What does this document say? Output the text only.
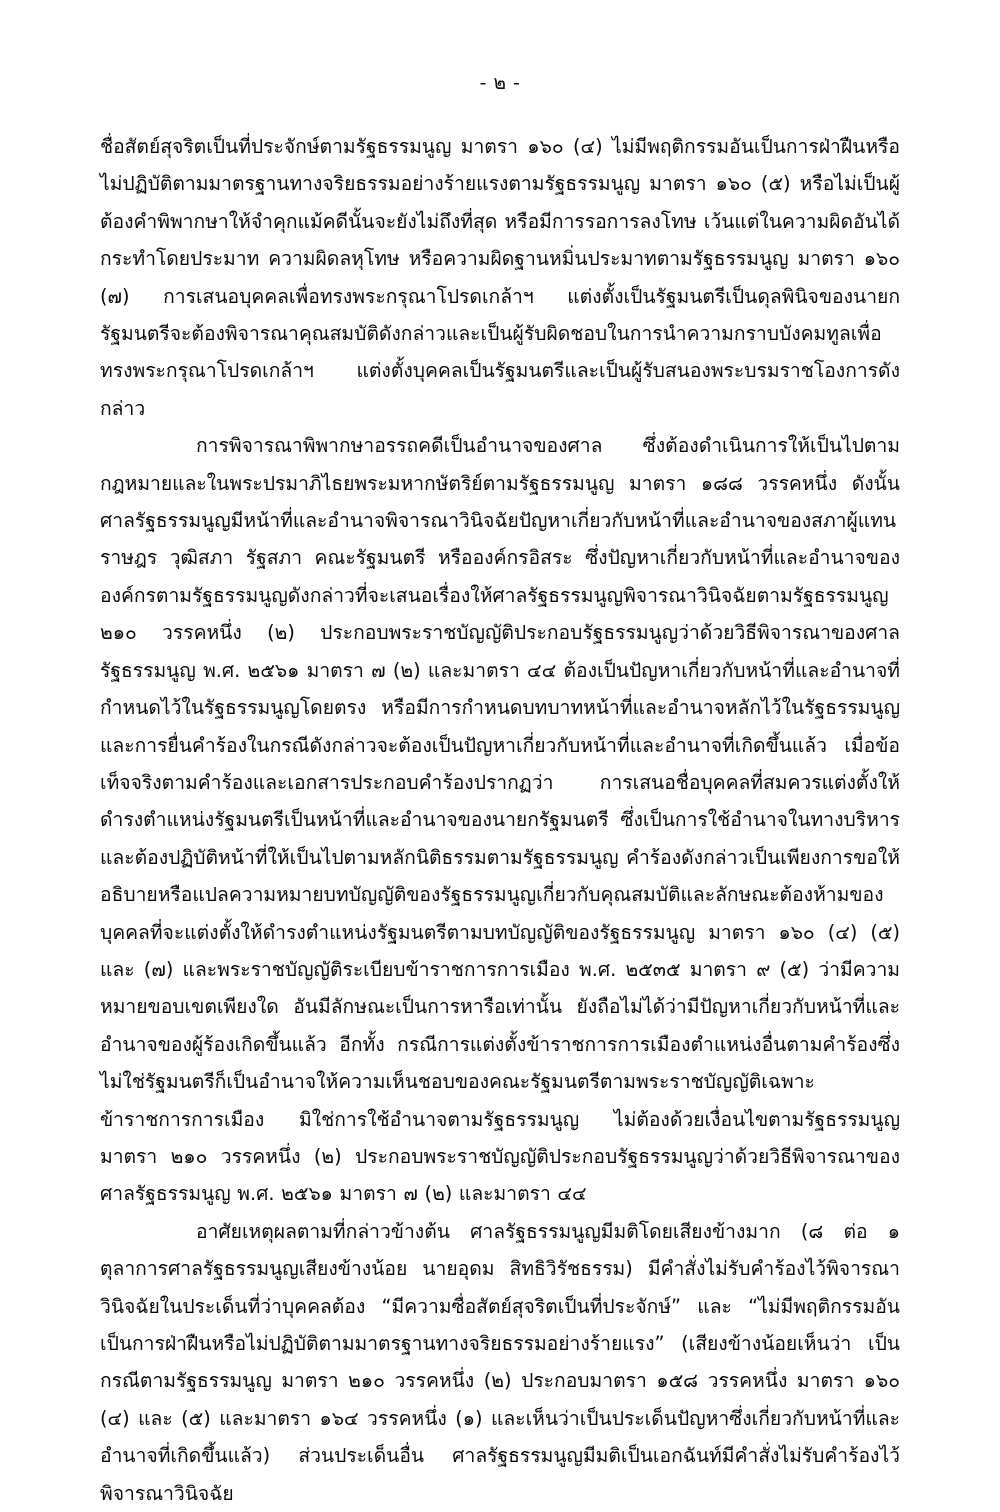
- ๒ -

ชื่อสัตย์สุจริตเป็นที่ประจักษ์ตามรัฐธรรมนูญ มาตรา ๑๖๐ (๔) ไม่มีพฤติกรรมอันเป็นการฝ่าฝืนหรือไม่ปฏิบัติตามมาตรฐานทางจริยธรรมอย่างร้ายแรงตามรัฐธรรมนูญ มาตรา ๑๖๐ (๕) หรือไม่เป็นผู้ต้องคำพิพากษาให้จำคุกแม้คดีนั้นจะยังไม่ถึงที่สุด หรือมีการรอการลงโทษ เว้นแต่ในความผิดอันได้กระทำโดยประมาท ความผิดลหุโทษ หรือความผิดฐานหมิ่นประมาทตามรัฐธรรมนูญ มาตรา ๑๖๐ (๗) การเสนอบุคคลเพื่อทรงพระกรุณาโปรดเกล้าฯ แต่งตั้งเป็นรัฐมนตรีเป็นดุลพินิจของนายกรัฐมนตรีจะต้องพิจารณาคุณสมบัติดังกล่าวและเป็นผู้รับผิดชอบในการนำความกราบบังคมทูลเพื่อทรงพระกรุณาโปรดเกล้าฯ แต่งตั้งบุคคลเป็นรัฐมนตรีและเป็นผู้รับสนองพระบรมราชโองการดังกล่าว

การพิจารณาพิพากษาอรรถคดีเป็นอำนาจของศาล ซึ่งต้องดำเนินการให้เป็นไปตามกฎหมายและในพระปรมาภิไธยพระมหากษัตริย์ตามรัฐธรรมนูญ มาตรา ๑๘๘ วรรคหนึ่ง ดังนั้น ศาลรัฐธรรมนูญมีหน้าที่และอำนาจพิจารณาวินิจฉัยปัญหาเกี่ยวกับหน้าที่และอำนาจของสภาผู้แทนราษฎร วุฒิสภา รัฐสภา คณะรัฐมนตรี หรือองค์กรอิสระ ซึ่งปัญหาเกี่ยวกับหน้าที่และอำนาจขององค์กรตามรัฐธรรมนูญดังกล่าวที่จะเสนอเรื่องให้ศาลรัฐธรรมนูญพิจารณาวินิจฉัยตามรัฐธรรมนูญ ๒๑๐ วรรคหนึ่ง (๒) ประกอบพระราชบัญญัติประกอบรัฐธรรมนูญว่าด้วยวิธีพิจารณาของศาลรัฐธรรมนูญ พ.ศ. ๒๕๖๑ มาตรา ๗ (๒) และมาตรา ๔๔ ต้องเป็นปัญหาเกี่ยวกับหน้าที่และอำนาจที่กำหนดไว้ในรัฐธรรมนูญโดยตรง หรือมีการกำหนดบทบาทหน้าที่และอำนาจหลักไว้ในรัฐธรรมนูญและการยื่นคำร้องในกรณีดังกล่าวจะต้องเป็นปัญหาเกี่ยวกับหน้าที่และอำนาจที่เกิดขึ้นแล้ว เมื่อข้อเท็จจริงตามคำร้องและเอกสารประกอบคำร้องปรากฏว่า การเสนอชื่อบุคคลที่สมควรแต่งตั้งให้ดำรงตำแหน่งรัฐมนตรีเป็นหน้าที่และอำนาจของนายกรัฐมนตรี ซึ่งเป็นการใช้อำนาจในทางบริหารและต้องปฏิบัติหน้าที่ให้เป็นไปตามหลักนิติธรรมตามรัฐธรรมนูญ คำร้องดังกล่าวเป็นเพียงการขอให้อธิบายหรือแปลความหมายบทบัญญัติของรัฐธรรมนูญเกี่ยวกับคุณสมบัติและลักษณะต้องห้ามของบุคคลที่จะแต่งตั้งให้ดำรงตำแหน่งรัฐมนตรีตามบทบัญญัติของรัฐธรรมนูญ มาตรา ๑๖๐ (๔) (๕) และ (๗) และพระราชบัญญัติระเบียบข้าราชการการเมือง พ.ศ. ๒๕๓๕ มาตรา ๙ (๕) ว่ามีความหมายขอบเขตเพียงใด อันมีลักษณะเป็นการหารือเท่านั้น ยังถือไม่ได้ว่ามีปัญหาเกี่ยวกับหน้าที่และอำนาจของผู้ร้องเกิดขึ้นแล้ว อีกทั้ง กรณีการแต่งตั้งข้าราชการการเมืองตำแหน่งอื่นตามคำร้องซึ่งไม่ใช่รัฐมนตรีก็เป็นอำนาจให้ความเห็นชอบของคณะรัฐมนตรีตามพระราชบัญญัติเฉพาะข้าราชการการเมือง มิใช่การใช้อำนาจตามรัฐธรรมนูญ ไม่ต้องด้วยเงื่อนไขตามรัฐธรรมนูญ มาตรา ๒๑๐ วรรคหนึ่ง (๒) ประกอบพระราชบัญญัติประกอบรัฐธรรมนูญว่าด้วยวิธีพิจารณาของศาลรัฐธรรมนูญ พ.ศ. ๒๕๖๑ มาตรา ๗ (๒) และมาตรา ๔๔

อาศัยเหตุผลตามที่กล่าวข้างต้น ศาลรัฐธรรมนูญมีมติโดยเสียงข้างมาก (๘ ต่อ ๑ ตุลาการศาลรัฐธรรมนูญเสียงข้างน้อย นายอุดม สิทธิวิรัชธรรม) มีคำสั่งไม่รับคำร้องไว้พิจารณาวินิจฉัยในประเด็นที่ว่าบุคคลต้อง “มีความซื่อสัตย์สุจริตเป็นที่ประจักษ์” และ “ไม่มีพฤติกรรมอันเป็นการฝ่าฝืนหรือไม่ปฏิบัติตามมาตรฐานทางจริยธรรมอย่างร้ายแรง” (เสียงข้างน้อยเห็นว่า เป็นกรณีตามรัฐธรรมนูญ มาตรา ๒๑๐ วรรคหนึ่ง (๒) ประกอบมาตรา ๑๕๘ วรรคหนึ่ง มาตรา ๑๖๐ (๔) และ (๕) และมาตรา ๑๖๔ วรรคหนึ่ง (๑) และเห็นว่าเป็นประเด็นปัญหาซึ่งเกี่ยวกับหน้าที่และอำนาจที่เกิดขึ้นแล้ว) ส่วนประเด็นอื่น ศาลรัฐธรรมนูญมีมติเป็นเอกฉันท์มีคำสั่งไม่รับคำร้องไว้พิจารณาวินิจฉัย
